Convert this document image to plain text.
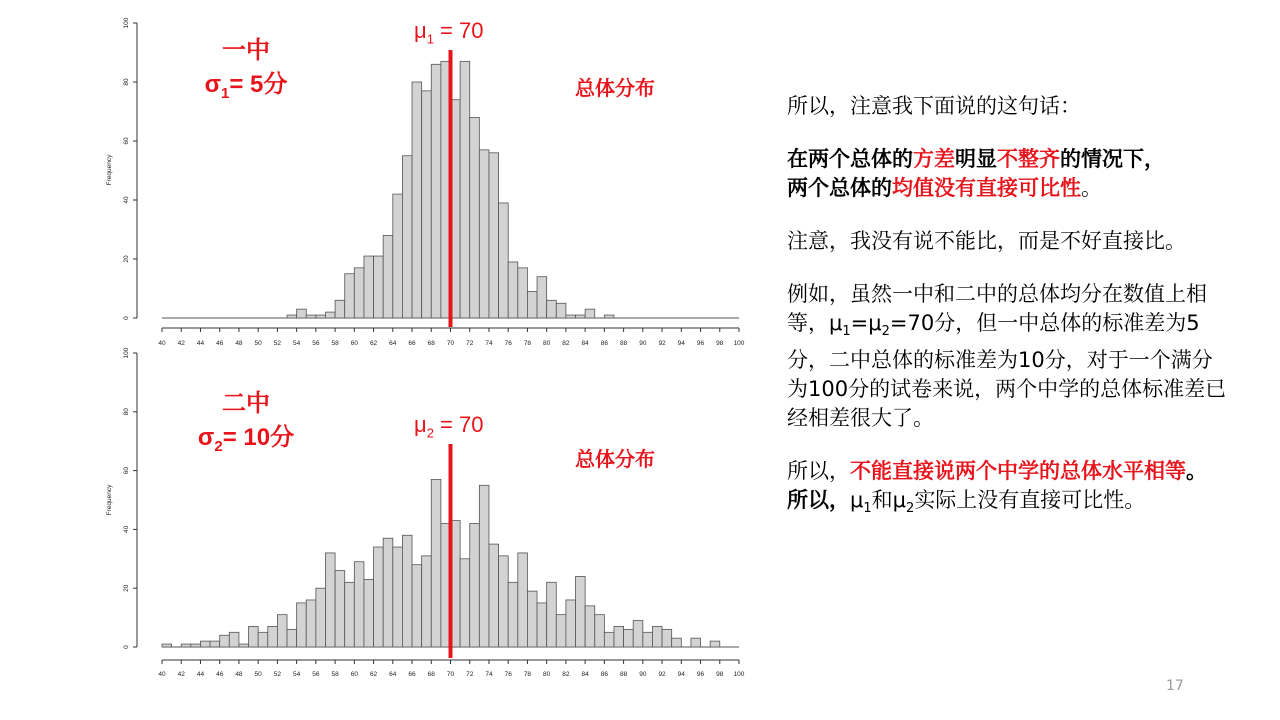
40 42 44 46 48 50 52 54 56 58 60 62 64 66 68 70 72 74 76 78 80 82 84 86 88 90 92 94 96 98 100
0
20
40
60
80
100
Frequency
40 42 44 46 48 50 52 54 56 58 60 62 64 66 68 70 72 74 76 78 80 82 84 86 88 90 92 94 96 98 100
0
20
40
60
80
100
Frequency
一中
$\sigma_1= 5$分
$\mu_1 = 70$
总体分布
二中
$\sigma_2= 10$分	$\mu_2 = 70$
总体分布

所以，注意我下面说的这句话：

在两个总体的方差明显不整齐的情况下，
两个总体的均值没有直接可比性。

注意，我没有说不能比，而是不好直接比。

例如，虽然一中和二中的总体均分在数值上相等，$\mu_1=\mu_2=70$分，但一中总体的标准差为5分，二中总体的标准差为10分，对于一个满分为100分的试卷来说，两个中学的总体标准差已经相差很大了。

所以，不能直接说两个中学的总体水平相等。所以，$\mu_1$和$\mu_2$实际上没有直接可比性。

17
